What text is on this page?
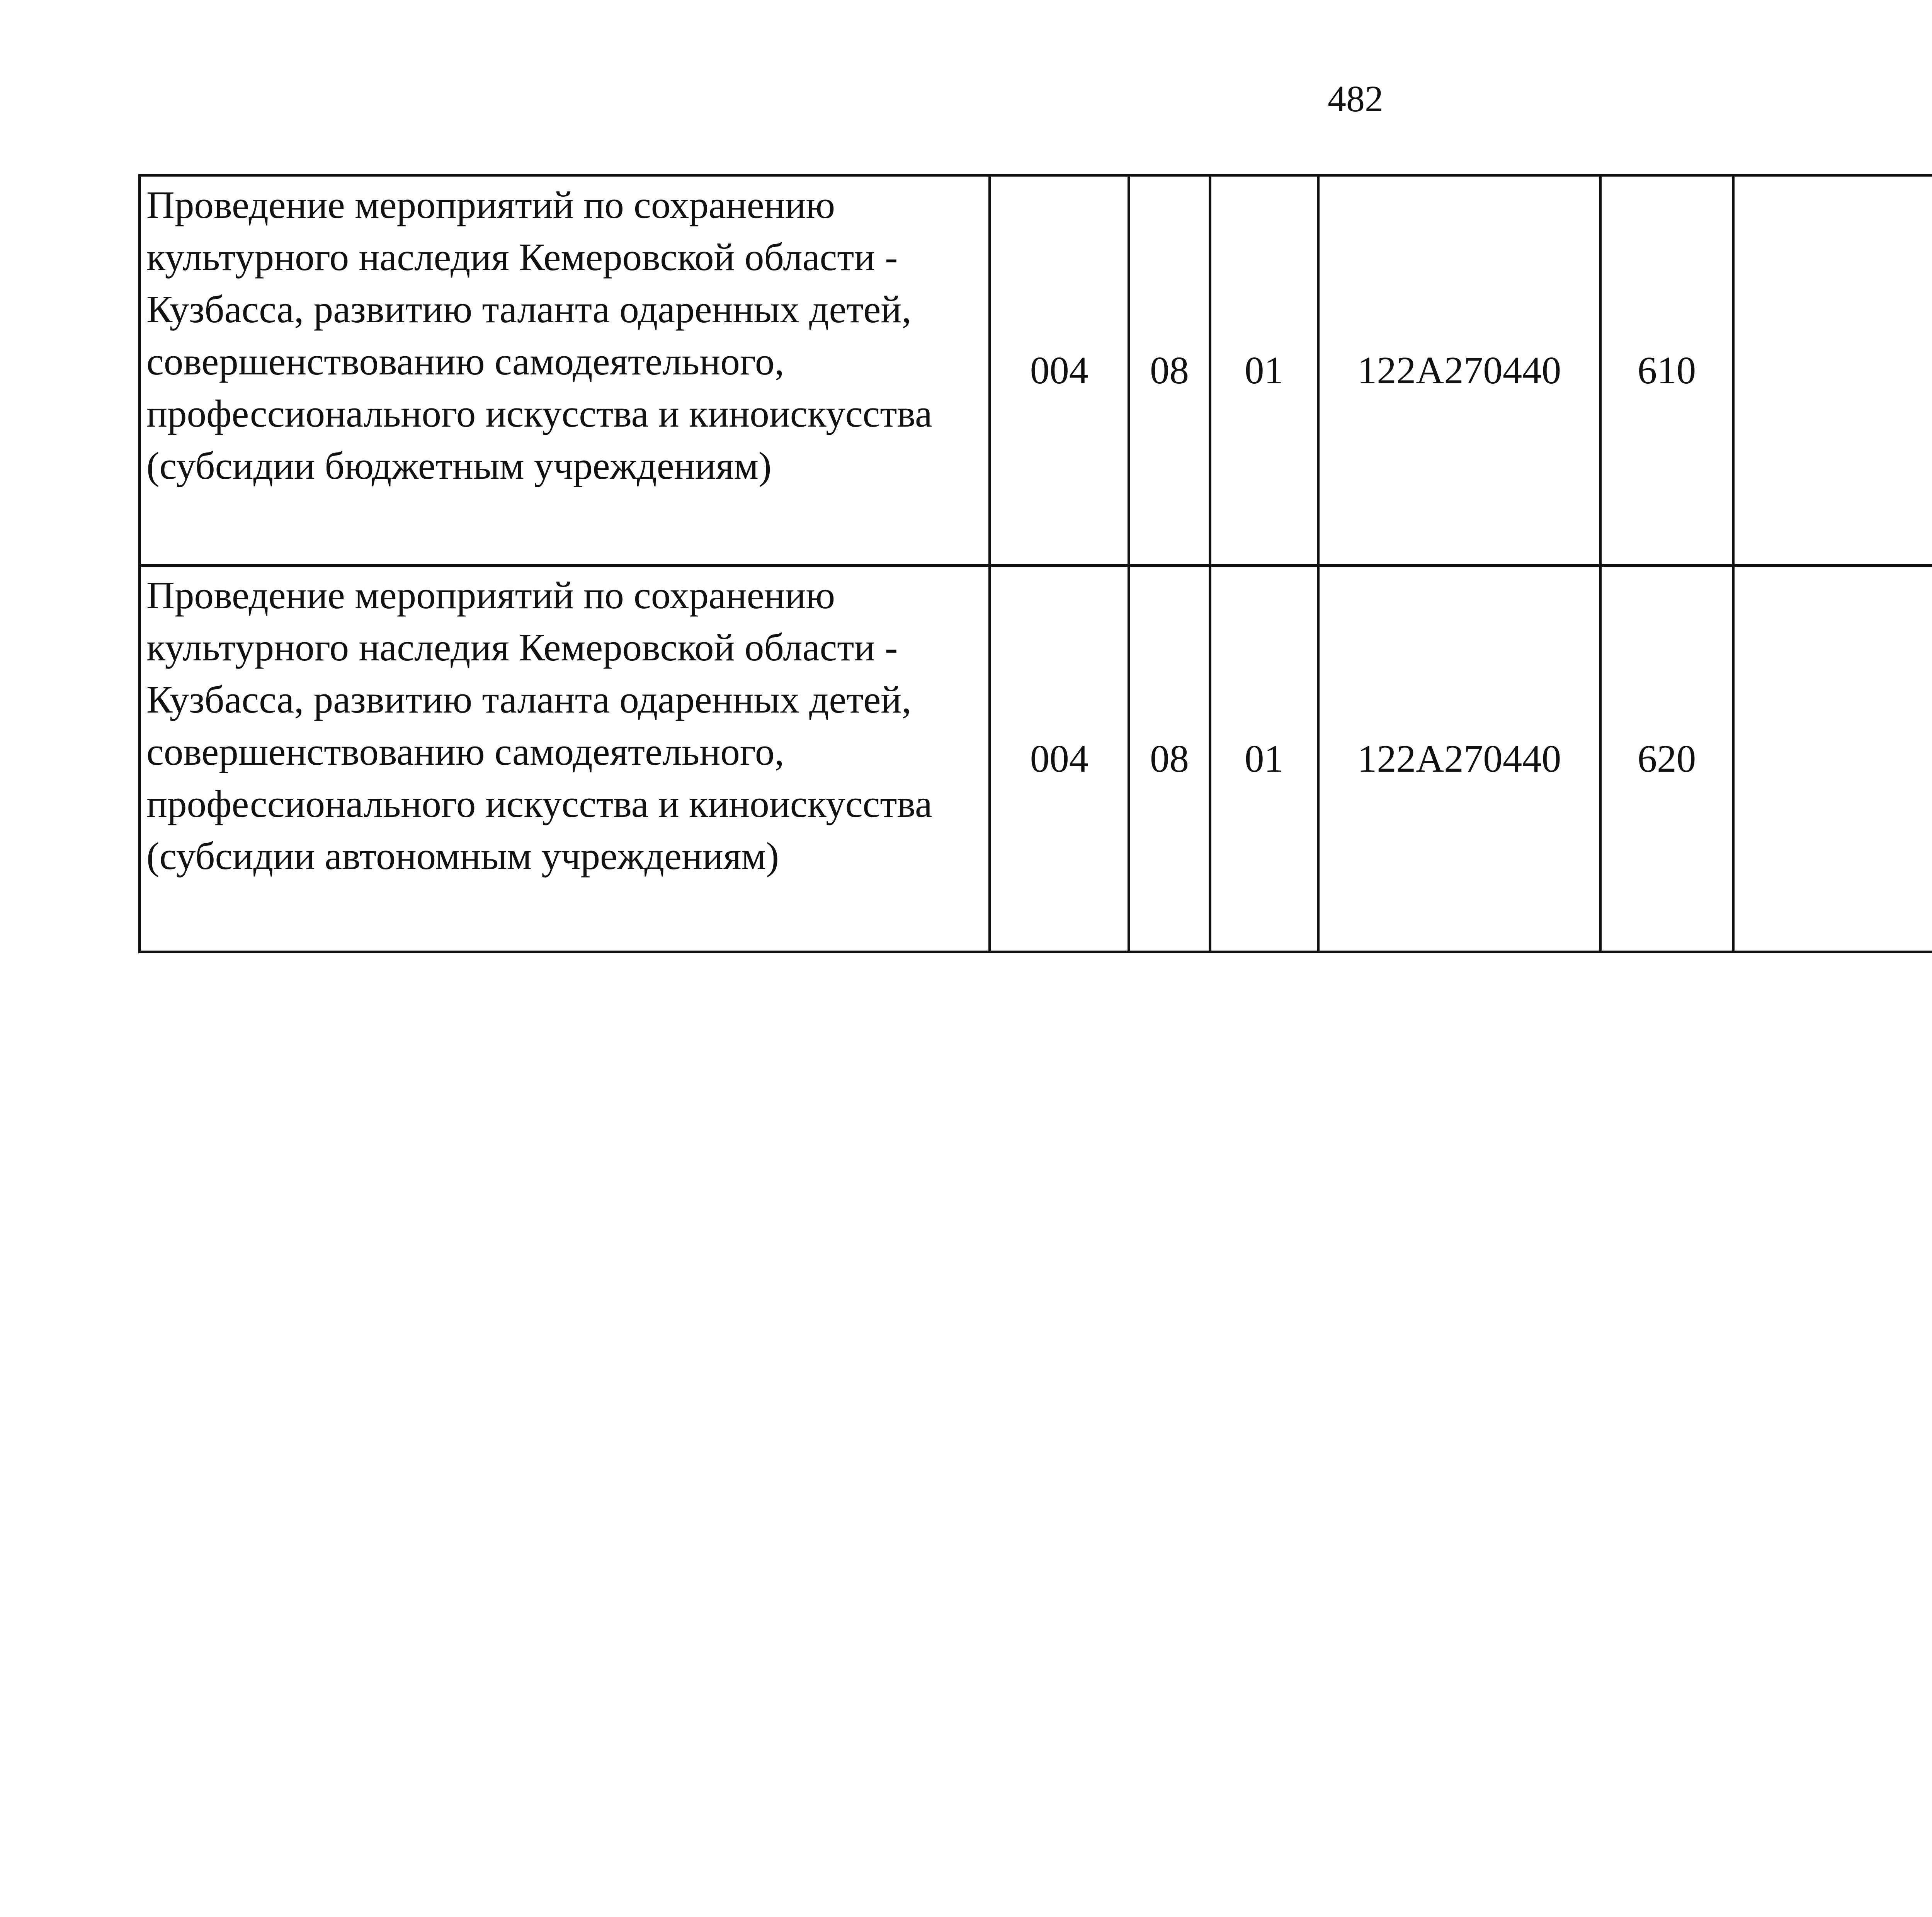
482
Проведение мероприятий по сохранению культурного наследия Кемеровской области - Кузбасса, развитию таланта одаренных детей, совершенствованию самодеятельного, профессионального искусства и киноискусства (субсидии бюджетным учреждениям)	004	08	01	122А270440	610			
Проведение мероприятий по сохранению культурного наследия Кемеровской области - Кузбасса, развитию таланта одаренных детей, совершенствованию самодеятельного, профессионального искусства и киноискусства (субсидии автономным учреждениям)	004	08	01	122А270440	620			
